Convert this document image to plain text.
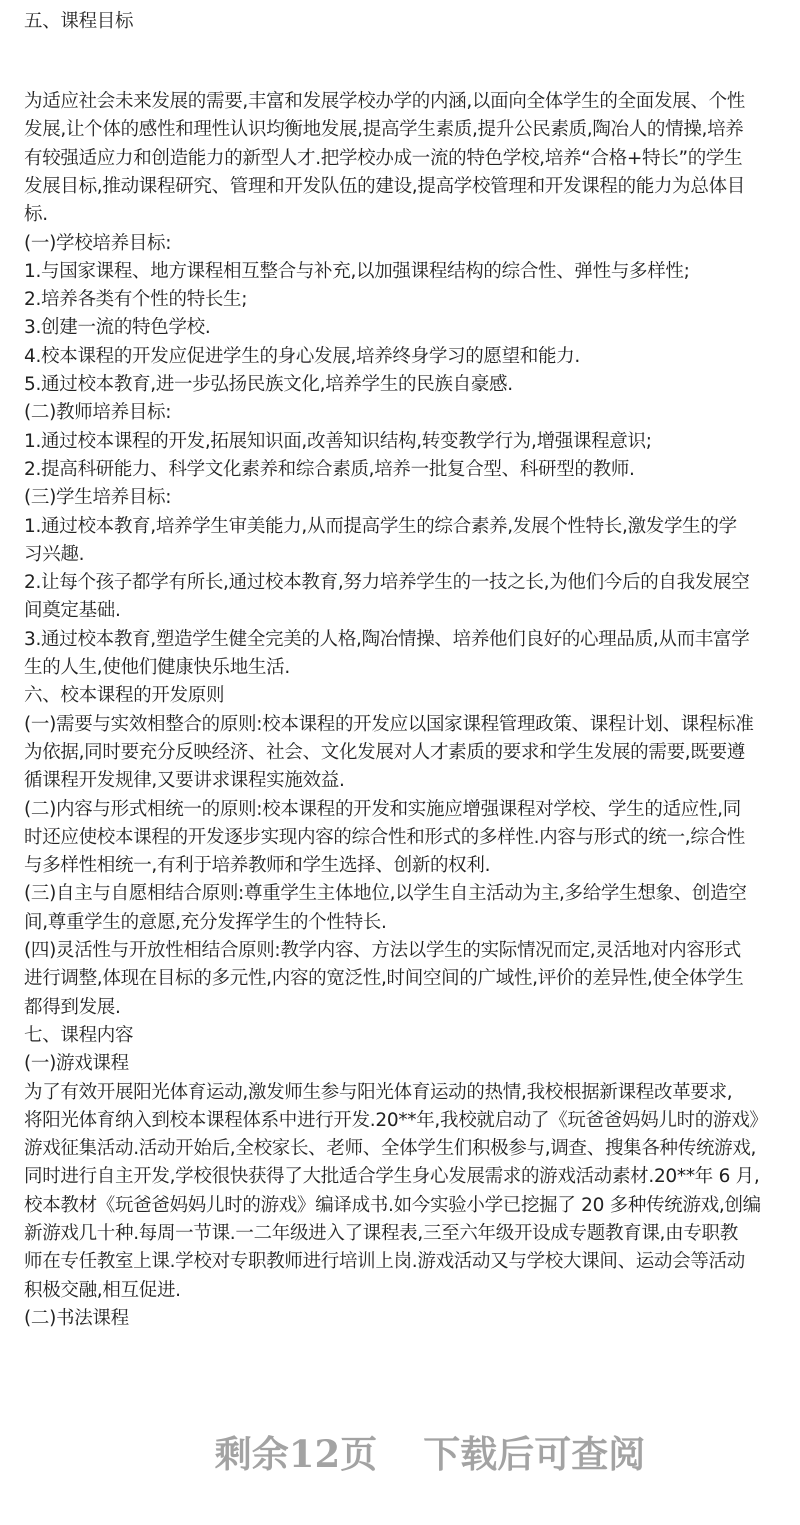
五、课程目标
为适应社会未来发展的需要,丰富和发展学校办学的内涵,以面向全体学生的全面发展、个性
发展,让个体的感性和理性认识均衡地发展,提高学生素质,提升公民素质,陶冶人的情操,培养
有较强适应力和创造能力的新型人才.把学校办成一流的特色学校,培养“合格+特长”的学生
发展目标,推动课程研究、管理和开发队伍的建设,提高学校管理和开发课程的能力为总体目
标.
(一)学校培养目标:
1.与国家课程、地方课程相互整合与补充,以加强课程结构的综合性、弹性与多样性;
2.培养各类有个性的特长生;
3.创建一流的特色学校.
4.校本课程的开发应促进学生的身心发展,培养终身学习的愿望和能力.
5.通过校本教育,进一步弘扬民族文化,培养学生的民族自豪感.
(二)教师培养目标:
1.通过校本课程的开发,拓展知识面,改善知识结构,转变教学行为,增强课程意识;
2.提高科研能力、科学文化素养和综合素质,培养一批复合型、科研型的教师.
(三)学生培养目标:
1.通过校本教育,培养学生审美能力,从而提高学生的综合素养,发展个性特长,激发学生的学
习兴趣.
2.让每个孩子都学有所长,通过校本教育,努力培养学生的一技之长,为他们今后的自我发展空
间奠定基础.
3.通过校本教育,塑造学生健全完美的人格,陶冶情操、培养他们良好的心理品质,从而丰富学
生的人生,使他们健康快乐地生活.
六、校本课程的开发原则
(一)需要与实效相整合的原则:校本课程的开发应以国家课程管理政策、课程计划、课程标准
为依据,同时要充分反映经济、社会、文化发展对人才素质的要求和学生发展的需要,既要遵
循课程开发规律,又要讲求课程实施效益.
(二)内容与形式相统一的原则:校本课程的开发和实施应增强课程对学校、学生的适应性,同
时还应使校本课程的开发逐步实现内容的综合性和形式的多样性.内容与形式的统一,综合性
与多样性相统一,有利于培养教师和学生选择、创新的权利.
(三)自主与自愿相结合原则:尊重学生主体地位,以学生自主活动为主,多给学生想象、创造空
间,尊重学生的意愿,充分发挥学生的个性特长.
(四)灵活性与开放性相结合原则:教学内容、方法以学生的实际情况而定,灵活地对内容形式
进行调整,体现在目标的多元性,内容的宽泛性,时间空间的广域性,评价的差异性,使全体学生
都得到发展.
七、课程内容
(一)游戏课程
为了有效开展阳光体育运动,激发师生参与阳光体育运动的热情,我校根据新课程改革要求,
将阳光体育纳入到校本课程体系中进行开发.20**年,我校就启动了《玩爸爸妈妈儿时的游戏》
游戏征集活动.活动开始后,全校家长、老师、全体学生们积极参与,调查、搜集各种传统游戏,
同时进行自主开发,学校很快获得了大批适合学生身心发展需求的游戏活动素材.20**年 6 月,
校本教材《玩爸爸妈妈儿时的游戏》编译成书.如今实验小学已挖掘了 20 多种传统游戏,创编
新游戏几十种.每周一节课.一二年级进入了课程表,三至六年级开设成专题教育课,由专职教
师在专任教室上课.学校对专职教师进行培训上岗.游戏活动又与学校大课间、运动会等活动
积极交融,相互促进.
(二)书法课程
剩余12页 下载后可查阅
